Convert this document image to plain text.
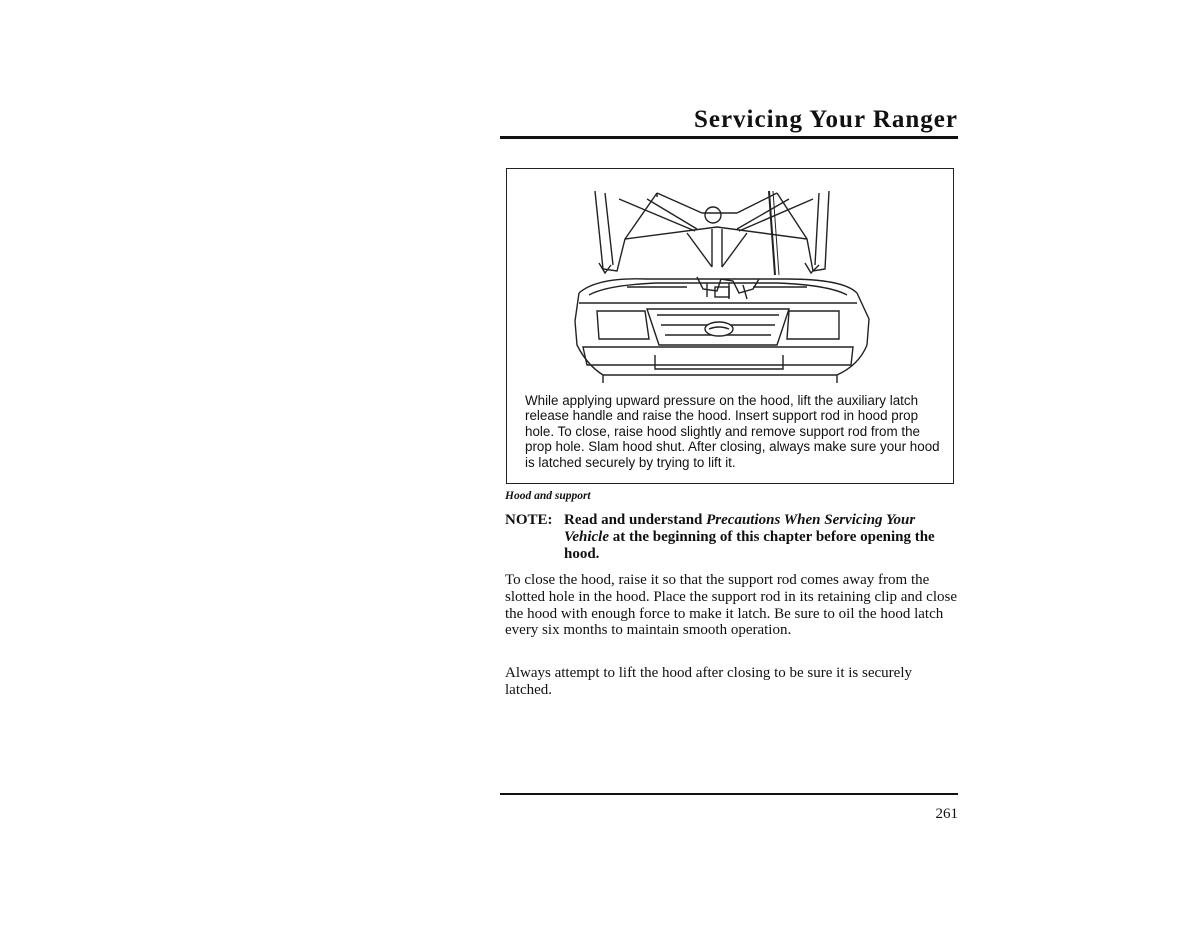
Servicing Your Ranger
While applying upward pressure on the hood, lift the auxiliary latch release handle and raise the hood. Insert support rod in hood prop hole. To close, raise hood slightly and remove support rod from the prop hole. Slam hood shut. After closing, always make sure your hood is latched securely by trying to lift it.
Hood and support
NOTE: Read and understand Precautions When Servicing Your Vehicle at the beginning of this chapter before opening the hood.
To close the hood, raise it so that the support rod comes away from the slotted hole in the hood. Place the support rod in its retaining clip and close the hood with enough force to make it latch. Be sure to oil the hood latch every six months to maintain smooth operation.
Always attempt to lift the hood after closing to be sure it is securely latched.
261
